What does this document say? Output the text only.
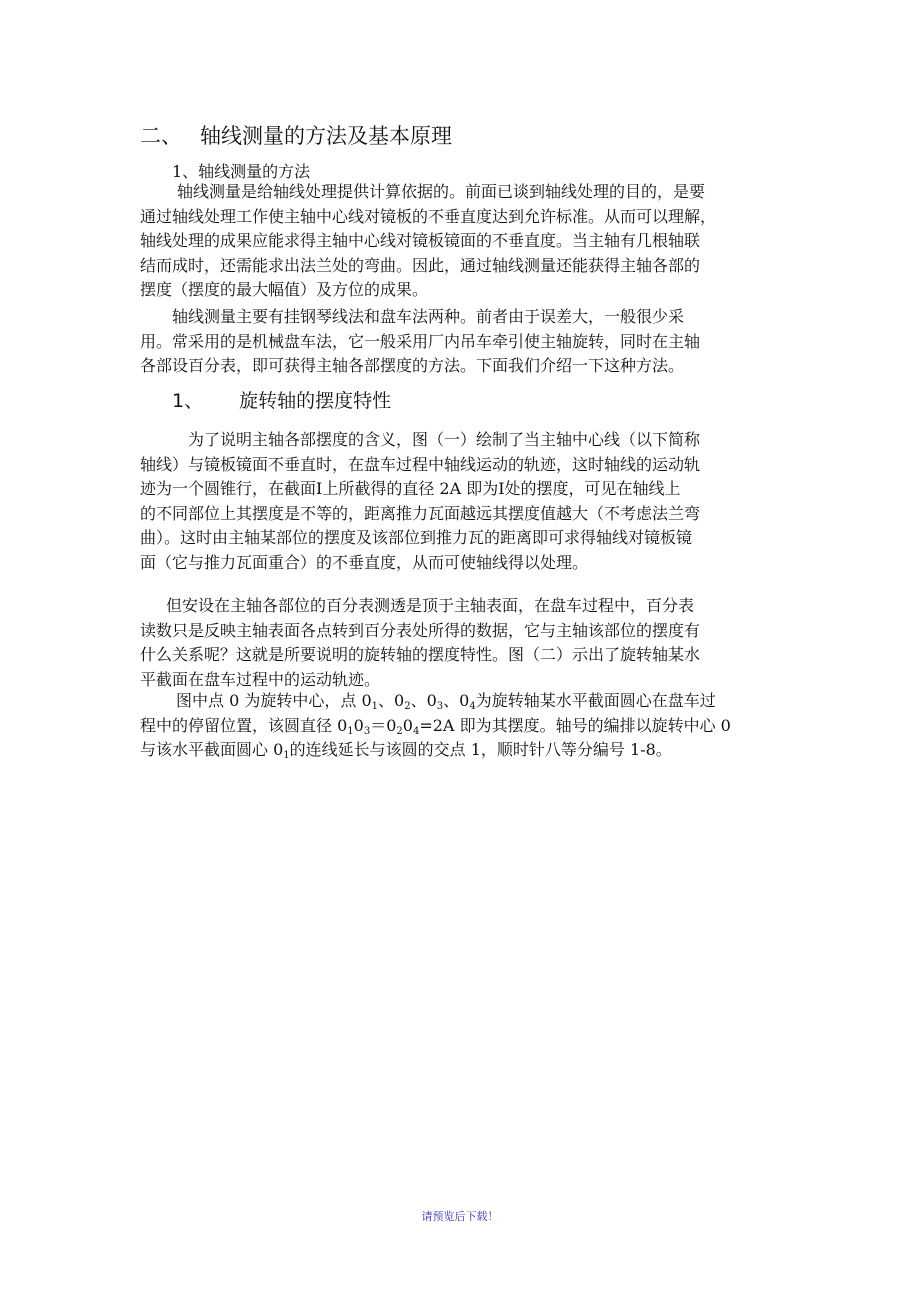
二、 轴线测量的方法及基本原理
1、轴线测量的方法

轴线测量是给轴线处理提供计算依据的。前面已谈到轴线处理的目的，是要
通过轴线处理工作使主轴中心线对镜板的不垂直度达到允许标准。从而可以理解，
轴线处理的成果应能求得主轴中心线对镜板镜面的不垂直度。当主轴有几根轴联
结而成时，还需能求出法兰处的弯曲。因此，通过轴线测量还能获得主轴各部的
摆度（摆度的最大幅值）及方位的成果。

轴线测量主要有挂钢琴线法和盘车法两种。前者由于误差大，一般很少采
用。常采用的是机械盘车法，它一般采用厂内吊车牵引使主轴旋转，同时在主轴
各部设百分表，即可获得主轴各部摆度的方法。下面我们介绍一下这种方法。

1、 旋转轴的摆度特性

为了说明主轴各部摆度的含义，图（一）绘制了当主轴中心线（以下简称
轴线）与镜板镜面不垂直时，在盘车过程中轴线运动的轨迹，这时轴线的运动轨
迹为一个圆锥行，在截面Ⅰ上所截得的直径 2A 即为Ⅰ处的摆度，可见在轴线上
的不同部位上其摆度是不等的，距离推力瓦面越远其摆度值越大（不考虑法兰弯
曲）。这时由主轴某部位的摆度及该部位到推力瓦的距离即可求得轴线对镜板镜
面（它与推力瓦面重合）的不垂直度，从而可使轴线得以处理。

但安设在主轴各部位的百分表测透是顶于主轴表面，在盘车过程中，百分表
读数只是反映主轴表面各点转到百分表处所得的数据，它与主轴该部位的摆度有
什么关系呢？这就是所要说明的旋转轴的摆度特性。图（二）示出了旋转轴某水
平截面在盘车过程中的运动轨迹。

图中点 0 为旋转中心，点 $0_1$、$0_2$、$0_3$、$0_4$为旋转轴某水平截面圆心在盘车过
程中的停留位置，该圆直径 $0_10_3=0_20_4=2A$ 即为其摆度。轴号的编排以旋转中心 0
与该水平截面圆心 $0_1$的连线延长与该圆的交点 1，顺时针八等分编号 1-8。

请预览后下载！
